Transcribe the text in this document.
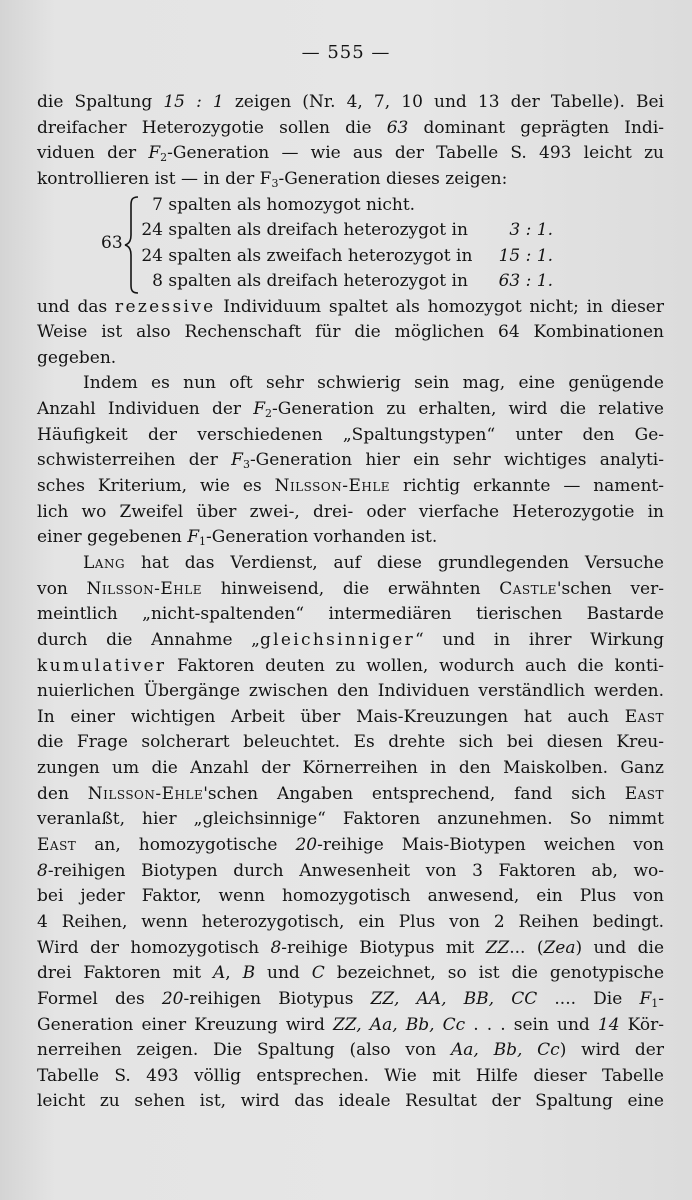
— 555 —
die Spaltung 15 : 1 zeigen (Nr. 4, 7, 10 und 13 der Tabelle). Bei
dreifacher Heterozygotie sollen die 63 dominant geprägten Indi-
viduen der $F_2$-Generation — wie aus der Tabelle S. 493 leicht zu
kontrollieren ist — in der $F_3$-Generation dieses zeigen:
63
7 spalten als homozygot nicht.
24 spalten als dreifach heterozygot in 3 : 1.
24 spalten als zweifach heterozygot in 15 : 1.
8 spalten als dreifach heterozygot in 63 : 1.
und das rezessive Individuum spaltet als homozygot nicht; in dieser
Weise ist also Rechenschaft für die möglichen 64 Kombinationen
gegeben.
Indem es nun oft sehr schwierig sein mag, eine genügende
Anzahl Individuen der $F_2$-Generation zu erhalten, wird die relative
Häufigkeit der verschiedenen „Spaltungstypen“ unter den Ge-
schwisterreihen der $F_3$-Generation hier ein sehr wichtiges analyti-
sches Kriterium, wie es Nilsson-Ehle richtig erkannte — nament-
lich wo Zweifel über zwei-, drei- oder vierfache Heterozygotie in
einer gegebenen $F_1$-Generation vorhanden ist.
Lang hat das Verdienst, auf diese grundlegenden Versuche
von Nilsson-Ehle hinweisend, die erwähnten Castle'schen ver-
meintlich „nicht-spaltenden“ intermediären tierischen Bastarde
durch die Annahme „gleichsinniger“ und in ihrer Wirkung
kumulativer Faktoren deuten zu wollen, wodurch auch die konti-
nuierlichen Übergänge zwischen den Individuen verständlich werden.
In einer wichtigen Arbeit über Mais-Kreuzungen hat auch East
die Frage solcherart beleuchtet. Es drehte sich bei diesen Kreu-
zungen um die Anzahl der Körnerreihen in den Maiskolben. Ganz
den Nilsson-Ehle'schen Angaben entsprechend, fand sich East
veranlaßt, hier „gleichsinnige“ Faktoren anzunehmen. So nimmt
East an, homozygotische 20-reihige Mais-Biotypen weichen von
8-reihigen Biotypen durch Anwesenheit von 3 Faktoren ab, wo-
bei jeder Faktor, wenn homozygotisch anwesend, ein Plus von
4 Reihen, wenn heterozygotisch, ein Plus von 2 Reihen bedingt.
Wird der homozygotisch 8-reihige Biotypus mit ZZ... (Zea) und die
drei Faktoren mit A, B und C bezeichnet, so ist die genotypische
Formel des 20-reihigen Biotypus ZZ, AA, BB, CC .... Die $F_1-$
Generation einer Kreuzung wird ZZ, Aa, Bb, Cc . . . sein und 14 Kör-
nerreihen zeigen. Die Spaltung (also von Aa, Bb, Cc) wird der
Tabelle S. 493 völlig entsprechen. Wie mit Hilfe dieser Tabelle
leicht zu sehen ist, wird das ideale Resultat der Spaltung eine
